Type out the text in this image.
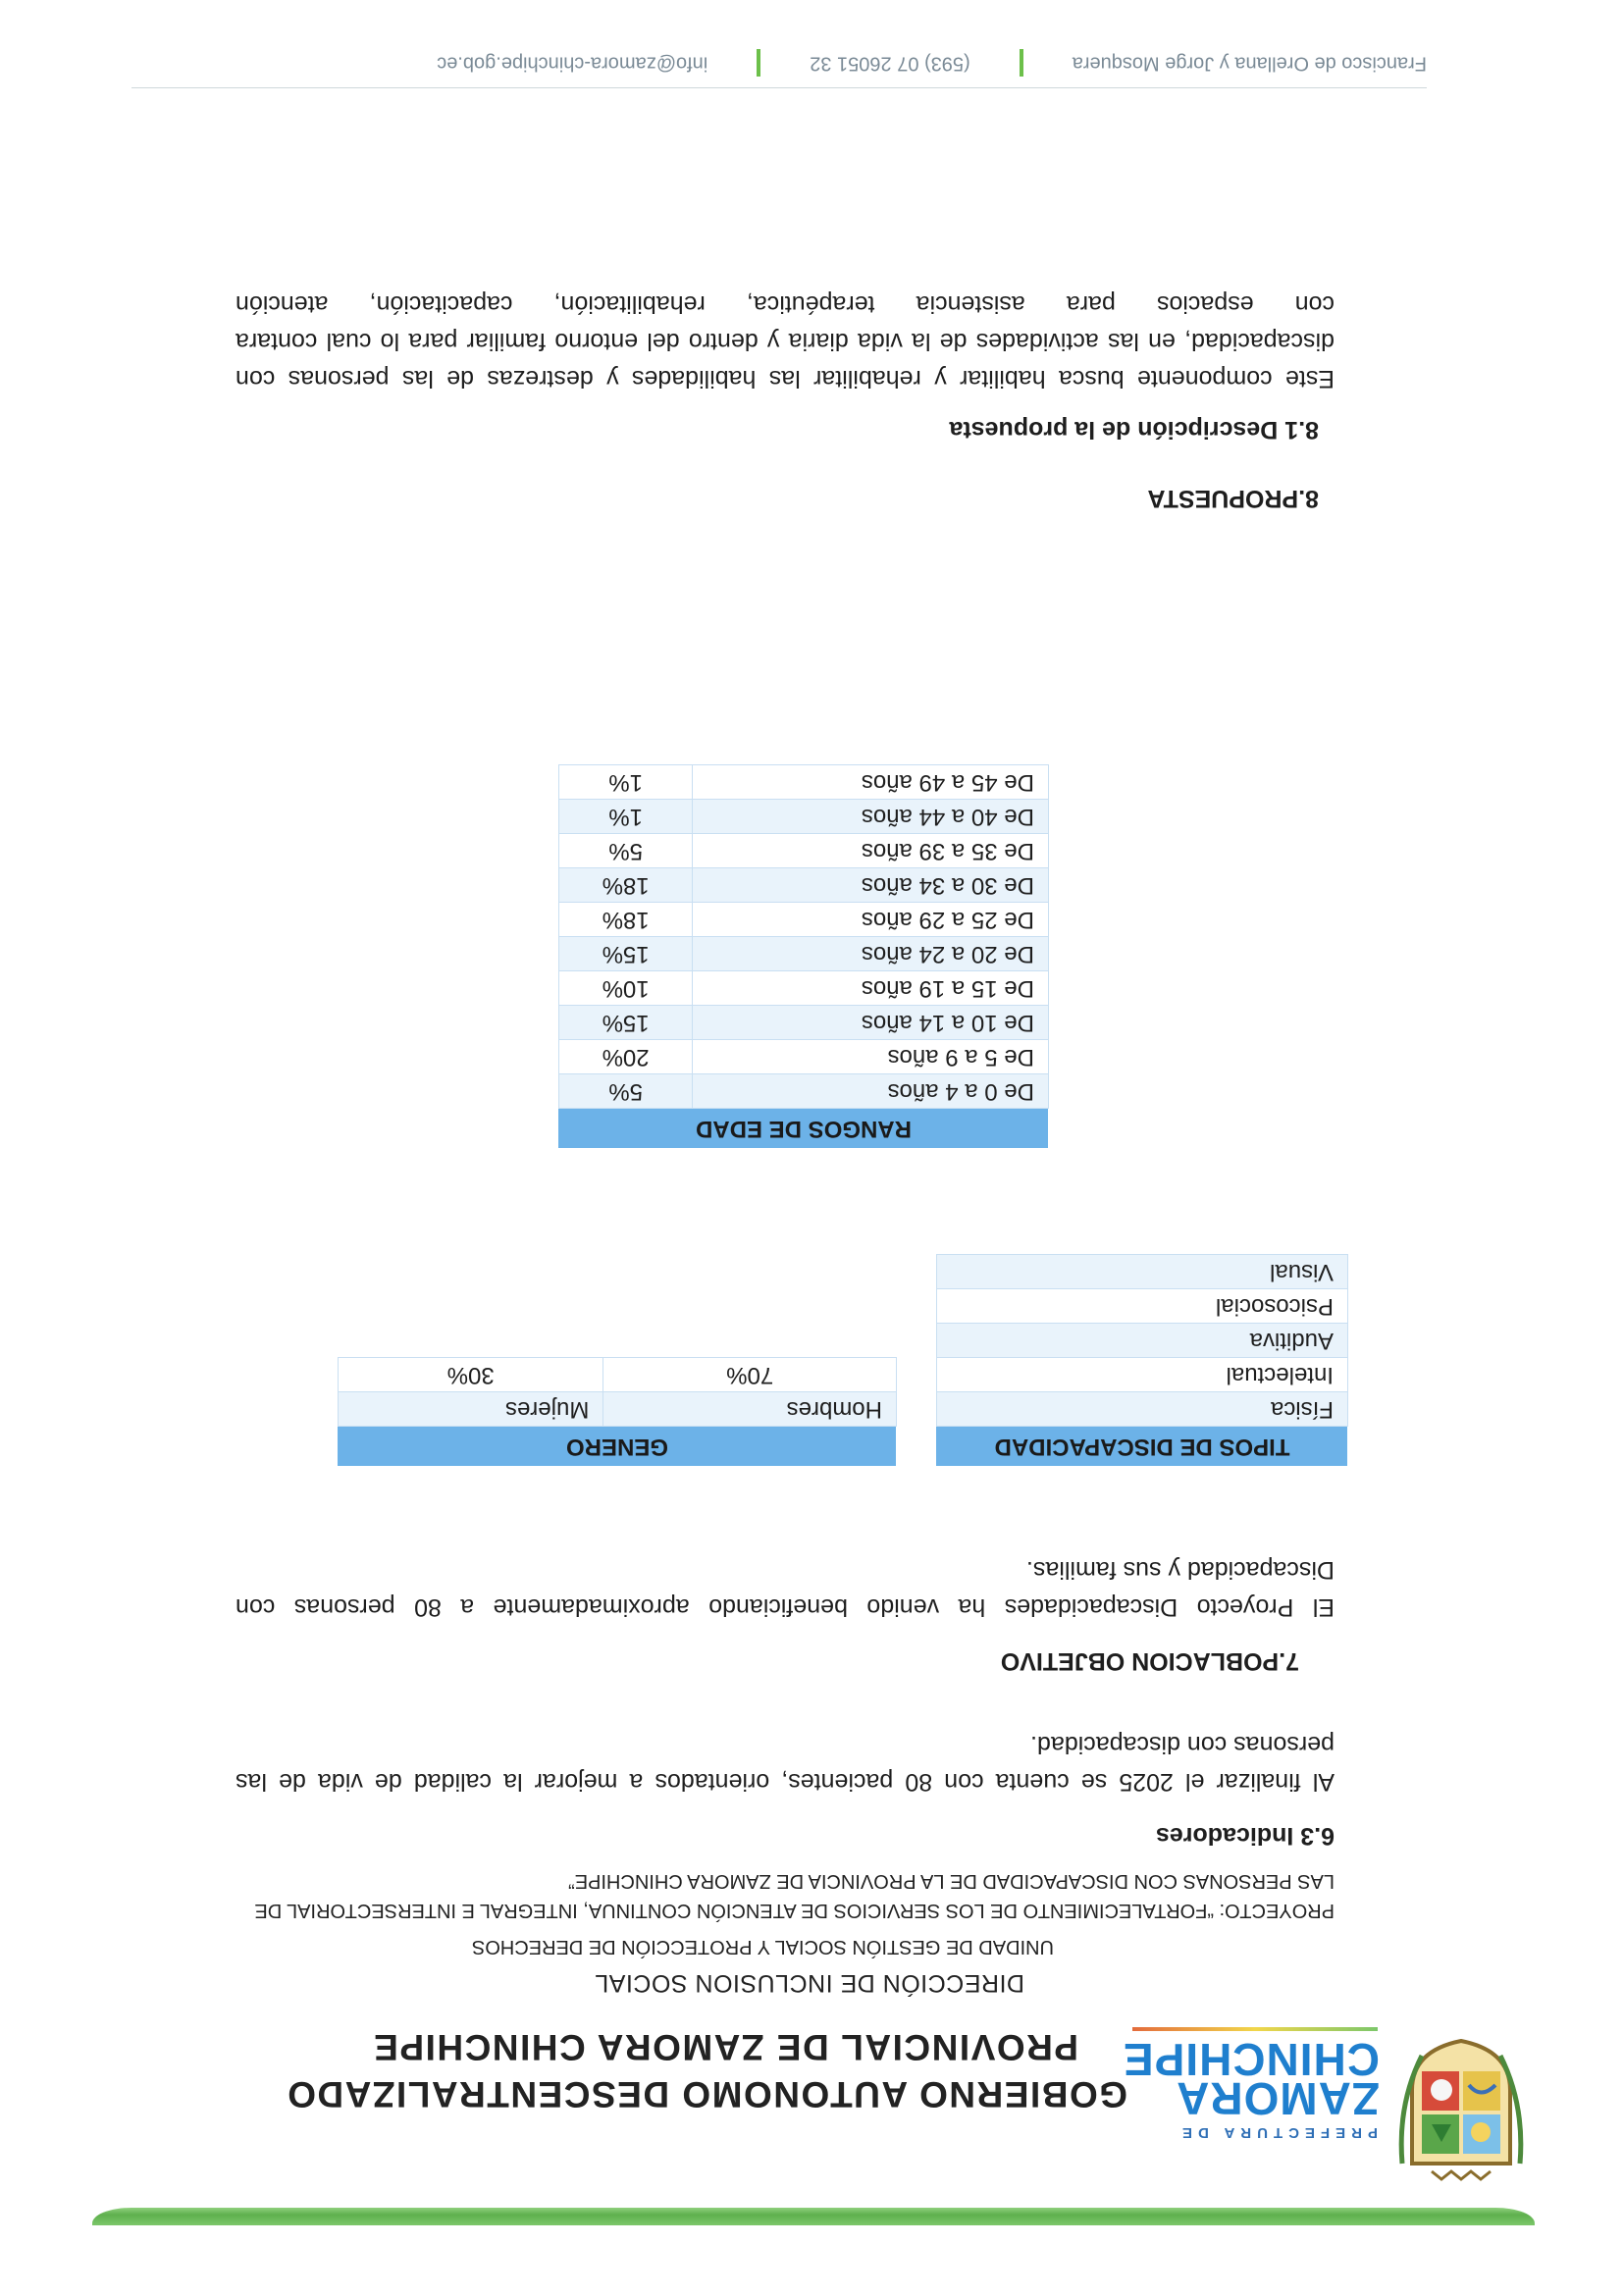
PREFECTURA DE
ZAMORA
CHINCHIPE
GOBIERNO AUTONOMO DESCENTRALIZADO
PROVINCIAL DE ZAMORA CHINCHIPE
DIRECCIÓN DE INCLUSION SOCIAL
UNIDAD DE GESTIÓN SOCIAL Y PROTECCIÓN DE DERECHOS
PROYECTO: “FORTALECIMIENTO DE LOS SERVICIOS DE ATENCIÓN CONTINUA, INTEGRAL E INTERSECTORIAL DE LAS PERSONAS CON DISCAPACIDAD DE LA PROVINCIA DE ZAMORA CHINCHIPE”
6.3 Indicadores
Al finalizar el 2025 se cuenta con 80 pacientes, orientados a mejorar la calidad de vida de las personas con discapacidad.
7.POBLACION OBJETIVO
El Proyecto Discapacidades ha venido beneficiando aproximadamente a 80 personas con Discapacidad y sus familias.
TIPOS DE DISCAPACIDAD
Física
Intelectual
Auditiva
Psicosocial
Visual
GENERO	
Hombres	Mujeres
70%	30%
RANGOS DE EDAD	
De 0 a 4 años	5%
De 5 a 9 años	20%
De 10 a 14 años	15%
De 15 a 19 años	10%
De 20 a 24 años	15%
De 25 a 29 años	18%
De 30 a 34 años	18%
De 35 a 39 años	5%
De 40 a 44 años	1%
De 45 a 49 años	1%
8.PROPUESTA
8.1 Descripción de la propuesta
Este componente busca habilitar y rehabilitar las habilidades y destrezas de las personas con discapacidad, en las actividades de la vida diaria y dentro del entorno familiar para lo cual contara con espacios para asistencia terapéutica, rehabilitación, capacitación, atención
Francisco de Orellana y Jorge Mosquera(593) 07 26051 32info@zamora-chinchipe.gob.ec
